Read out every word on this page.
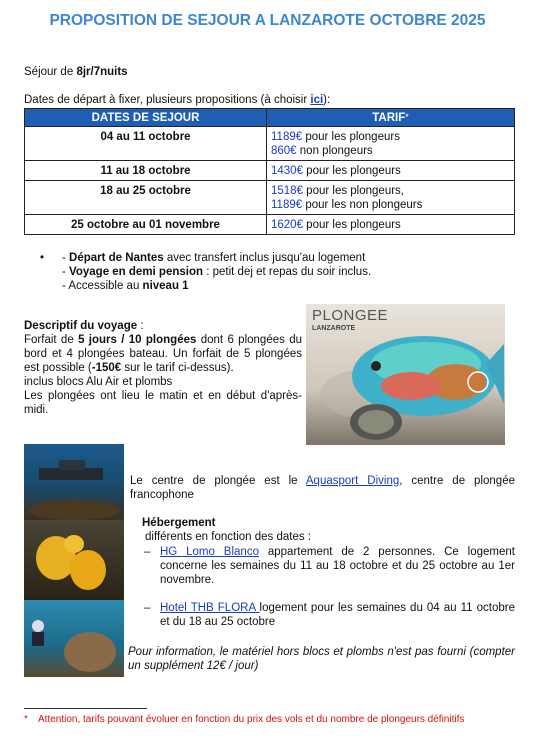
PROPOSITION DE SEJOUR A LANZAROTE OCTOBRE 2025
Séjour de 8jr/7nuits
Dates de départ à fixer, plusieurs propositions (à choisir ici):
DATES DE SEJOUR	TARIF*
04 au 11 octobre	1189€ pour les plongeurs
860€ non plongeurs

11 au 18 octobre	1430€ pour les plongeurs

18 au 25 octobre	1518€ pour les plongeurs,
1189€ pour les non plongeurs

25 octobre au 01 novembre	1620€ pour les plongeurs
• - Départ de Nantes avec transfert inclus jusqu'au logement
- Voyage en demi pension : petit dej et repas du soir inclus.
- Accessible au niveau 1
Descriptif du voyage :
Forfait de 5 jours / 10 plongées dont 6 plongées du bord et 4 plongées bateau. Un forfait de 5 plongées est possible (-150€ sur le tarif ci-dessus).
inclus blocs Alu Air et plombs
Les plongées ont lieu le matin et en début d'après-midi.
PLONGEE
LANZAROTE
Le centre de plongée est le Aquasport Diving, centre de plongée francophone
Hébergement
différents en fonction des dates :
– HG Lomo Blanco appartement de 2 personnes. Ce logement concerne les semaines du 11 au 18 octobre et du 25 octobre au 1er novembre.
– Hotel THB FLORA logement pour les semaines du 04 au 11 octobre et du 18 au 25 octobre
Pour information, le matériel hors blocs et plombs n'est pas fourni (compter un supplément 12€ / jour)
* Attention, tarifs pouvant évoluer en fonction du prix des vols et du nombre de plongeurs définitifs
